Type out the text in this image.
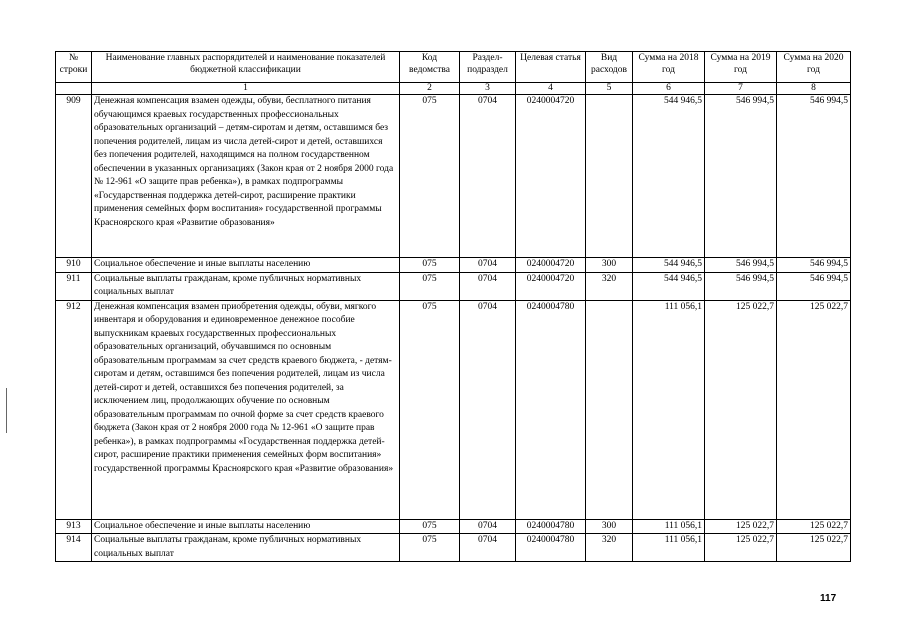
№ строки	Наименование главных распорядителей и наименование показателей бюджетной классификации	Код ведомства	Раздел-подраздел	Целевая статья	Вид расходов	Сумма на 2018 год	Сумма на 2019 год	Сумма на 2020 год
	1	2	3	4	5	6	7	8
909	Денежная компенсация взамен одежды, обуви, бесплатного питания обучающимся краевых государственных профессиональных образовательных организаций – детям-сиротам и детям, оставшимся без попечения родителей, лицам из числа детей-сирот и детей, оставшихся без попечения родителей, находящимся на полном государственном обеспечении в указанных организациях (Закон края от 2 ноября 2000 года № 12-961 «О защите прав ребенка»), в рамках подпрограммы «Государственная поддержка детей-сирот, расширение практики применения семейных форм воспитания» государственной программы Красноярского края «Развитие образования»	075	0704	0240004720		544 946,5	546 994,5	546 994,5
910	Социальное обеспечение и иные выплаты населению	075	0704	0240004720	300	544 946,5	546 994,5	546 994,5
911	Социальные выплаты гражданам, кроме публичных нормативных социальных выплат	075	0704	0240004720	320	544 946,5	546 994,5	546 994,5
912	Денежная компенсация взамен приобретения одежды, обуви, мягкого инвентаря и оборудования и единовременное денежное пособие выпускникам краевых государственных профессиональных образовательных организаций, обучавшимся по основным образовательным программам за счет средств краевого бюджета, - детям-сиротам и детям, оставшимся без попечения родителей, лицам из числа детей-сирот и детей, оставшихся без попечения родителей, за исключением лиц, продолжающих обучение по основным образовательным программам по очной форме за счет средств краевого бюджета (Закон края от 2 ноября 2000 года № 12-961 «О защите прав ребенка»), в рамках подпрограммы «Государственная поддержка детей-сирот, расширение практики применения семейных форм воспитания» государственной программы Красноярского края «Развитие образования»	075	0704	0240004780		111 056,1	125 022,7	125 022,7
913	Социальное обеспечение и иные выплаты населению	075	0704	0240004780	300	111 056,1	125 022,7	125 022,7
914	Социальные выплаты гражданам, кроме публичных нормативных социальных выплат	075	0704	0240004780	320	111 056,1	125 022,7	125 022,7
117
